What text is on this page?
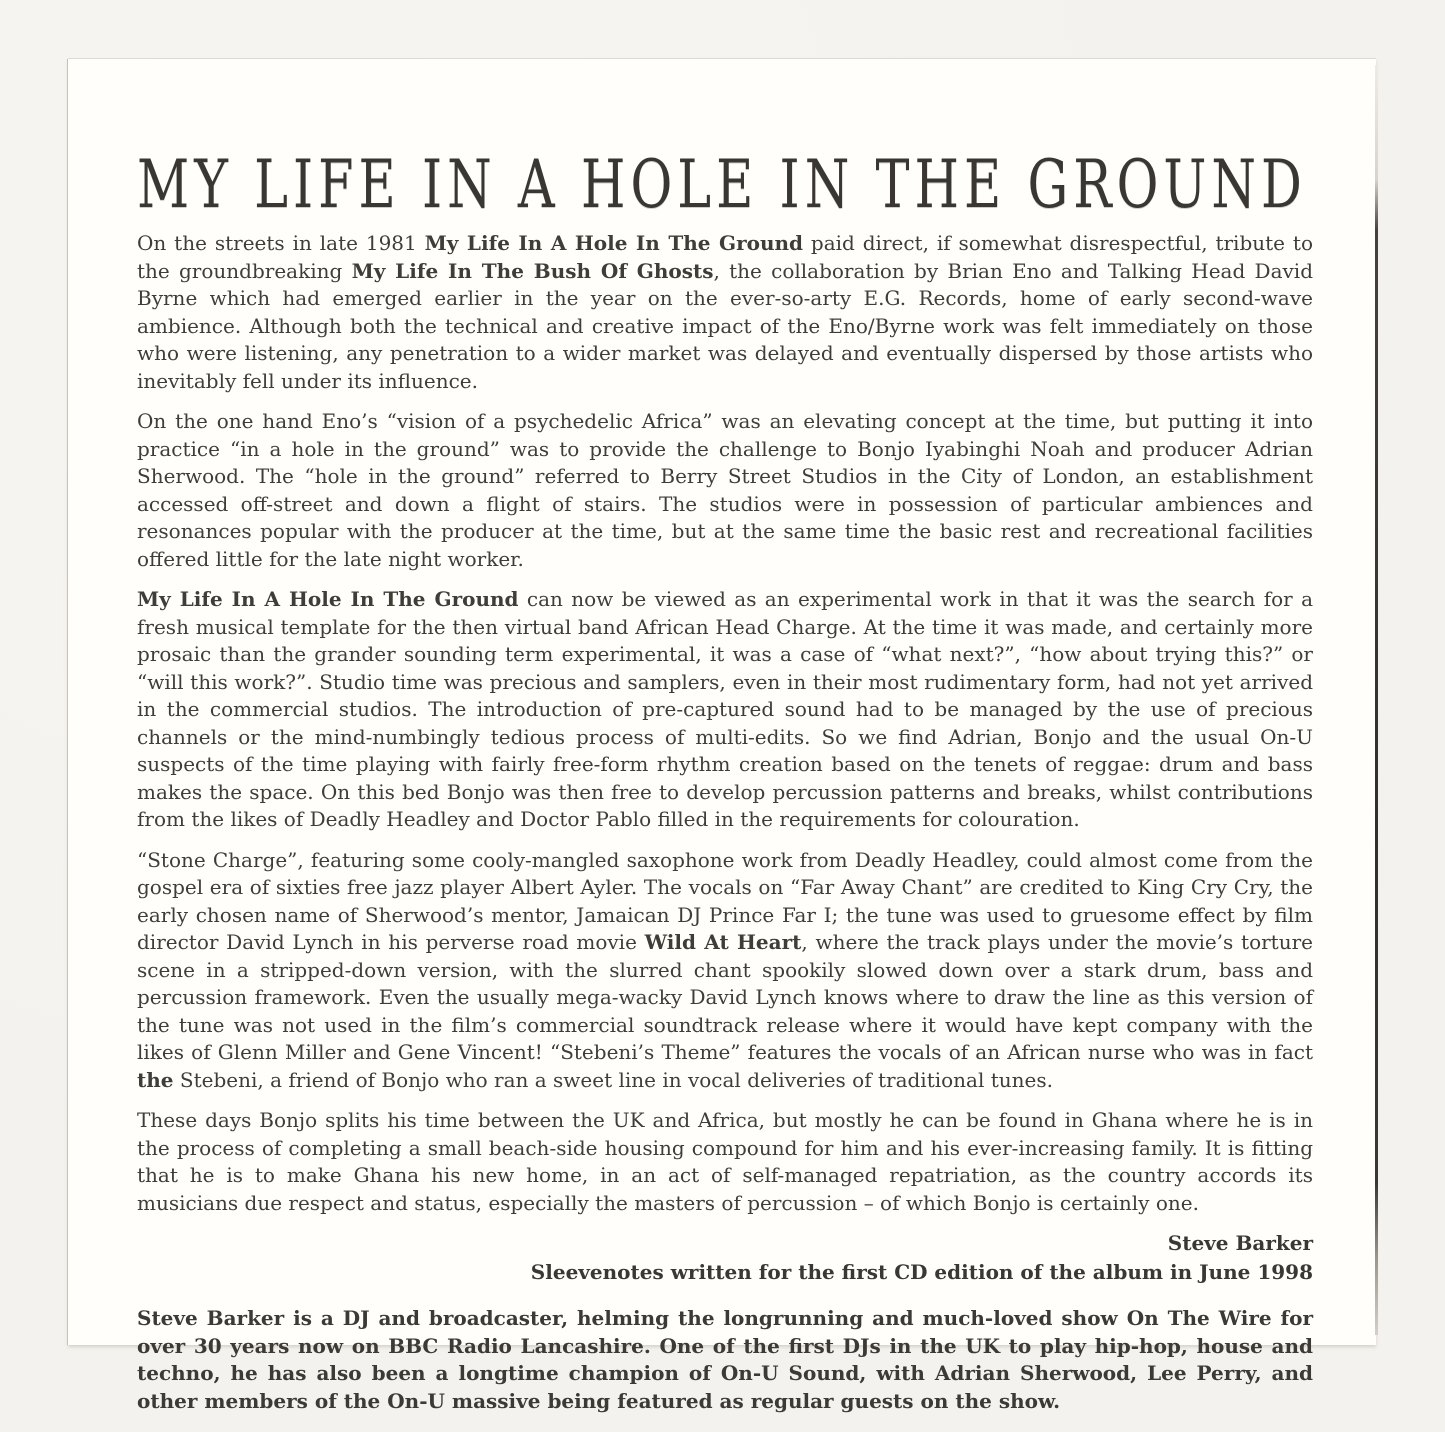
MY LIFE IN A HOLE IN THE GROUND

On the streets in late 1981 My Life In A Hole In The Ground paid direct, if somewhat disrespectful, tribute to the groundbreaking My Life In The Bush Of Ghosts, the collaboration by Brian Eno and Talking Head David Byrne which had emerged earlier in the year on the ever-so-arty E.G. Records, home of early second-wave ambience. Although both the technical and creative impact of the Eno/Byrne work was felt immediately on those who were listening, any penetration to a wider market was delayed and eventually dispersed by those artists who inevitably fell under its influence.

On the one hand Eno’s “vision of a psychedelic Africa” was an elevating concept at the time, but putting it into practice “in a hole in the ground” was to provide the challenge to Bonjo Iyabinghi Noah and producer Adrian Sherwood. The “hole in the ground” referred to Berry Street Studios in the City of London, an establishment accessed off-street and down a flight of stairs. The studios were in possession of particular ambiences and resonances popular with the producer at the time, but at the same time the basic rest and recreational facilities offered little for the late night worker.

My Life In A Hole In The Ground can now be viewed as an experimental work in that it was the search for a fresh musical template for the then virtual band African Head Charge. At the time it was made, and certainly more prosaic than the grander sounding term experimental, it was a case of “what next?”, “how about trying this?” or “will this work?”. Studio time was precious and samplers, even in their most rudimentary form, had not yet arrived in the commercial studios. The introduction of pre-captured sound had to be managed by the use of precious channels or the mind-numbingly tedious process of multi-edits. So we find Adrian, Bonjo and the usual On-U suspects of the time playing with fairly free-form rhythm creation based on the tenets of reggae: drum and bass makes the space. On this bed Bonjo was then free to develop percussion patterns and breaks, whilst contributions from the likes of Deadly Headley and Doctor Pablo filled in the requirements for colouration.

“Stone Charge”, featuring some cooly-mangled saxophone work from Deadly Headley, could almost come from the gospel era of sixties free jazz player Albert Ayler. The vocals on “Far Away Chant” are credited to King Cry Cry, the early chosen name of Sherwood’s mentor, Jamaican DJ Prince Far I; the tune was used to gruesome effect by film director David Lynch in his perverse road movie Wild At Heart, where the track plays under the movie’s torture scene in a stripped-down version, with the slurred chant spookily slowed down over a stark drum, bass and percussion framework. Even the usually mega-wacky David Lynch knows where to draw the line as this version of the tune was not used in the film’s commercial soundtrack release where it would have kept company with the likes of Glenn Miller and Gene Vincent! “Stebeni’s Theme” features the vocals of an African nurse who was in fact the Stebeni, a friend of Bonjo who ran a sweet line in vocal deliveries of traditional tunes.

These days Bonjo splits his time between the UK and Africa, but mostly he can be found in Ghana where he is in the process of completing a small beach-side housing compound for him and his ever-increasing family. It is fitting that he is to make Ghana his new home, in an act of self-managed repatriation, as the country accords its musicians due respect and status, especially the masters of percussion – of which Bonjo is certainly one.

Steve Barker

Sleevenotes written for the first CD edition of the album in June 1998

Steve Barker is a DJ and broadcaster, helming the longrunning and much-loved show On The Wire for over 30 years now on BBC Radio Lancashire. One of the first DJs in the UK to play hip-hop, house and techno, he has also been a longtime champion of On-U Sound, with Adrian Sherwood, Lee Perry, and other members of the On-U massive being featured as regular guests on the show.
